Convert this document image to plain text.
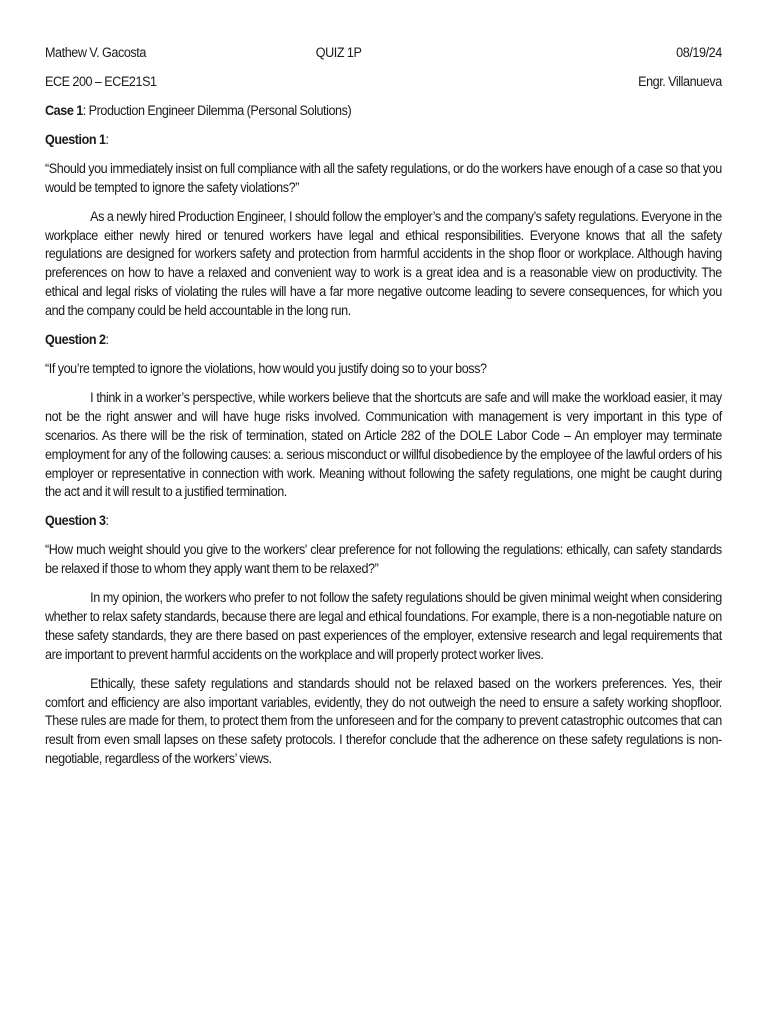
Mathew V. Gacosta	QUIZ 1P	08/19/24
ECE 200 – ECE21S1	Engr. Villanueva

Case 1: Production Engineer Dilemma (Personal Solutions)

Question 1:

“Should you immediately insist on full compliance with all the safety regulations, or do the workers have enough of a case so that you would be tempted to ignore the safety violations?”

As a newly hired Production Engineer, I should follow the employer’s and the company’s safety regulations. Everyone in the workplace either newly hired or tenured workers have legal and ethical responsibilities. Everyone knows that all the safety regulations are designed for workers safety and protection from harmful accidents in the shop floor or workplace. Although having preferences on how to have a relaxed and convenient way to work is a great idea and is a reasonable view on productivity. The ethical and legal risks of violating the rules will have a far more negative outcome leading to severe consequences, for which you and the company could be held accountable in the long run.

Question 2:

“If you’re tempted to ignore the violations, how would you justify doing so to your boss?

I think in a worker’s perspective, while workers believe that the shortcuts are safe and will make the workload easier, it may not be the right answer and will have huge risks involved. Communication with management is very important in this type of scenarios. As there will be the risk of termination, stated on Article 282 of the DOLE Labor Code – An employer may terminate employment for any of the following causes: a. serious misconduct or willful disobedience by the employee of the lawful orders of his employer or representative in connection with work. Meaning without following the safety regulations, one might be caught during the act and it will result to a justified termination.

Question 3:

“How much weight should you give to the workers' clear preference for not following the regulations: ethically, can safety standards be relaxed if those to whom they apply want them to be relaxed?”

In my opinion, the workers who prefer to not follow the safety regulations should be given minimal weight when considering whether to relax safety standards, because there are legal and ethical foundations. For example, there is a non-negotiable nature on these safety standards, they are there based on past experiences of the employer, extensive research and legal requirements that are important to prevent harmful accidents on the workplace and will properly protect worker lives.

Ethically, these safety regulations and standards should not be relaxed based on the workers preferences. Yes, their comfort and efficiency are also important variables, evidently, they do not outweigh the need to ensure a safety working shopfloor. These rules are made for them, to protect them from the unforeseen and for the company to prevent catastrophic outcomes that can result from even small lapses on these safety protocols. I therefor conclude that the adherence on these safety regulations is non-negotiable, regardless of the workers’ views.
